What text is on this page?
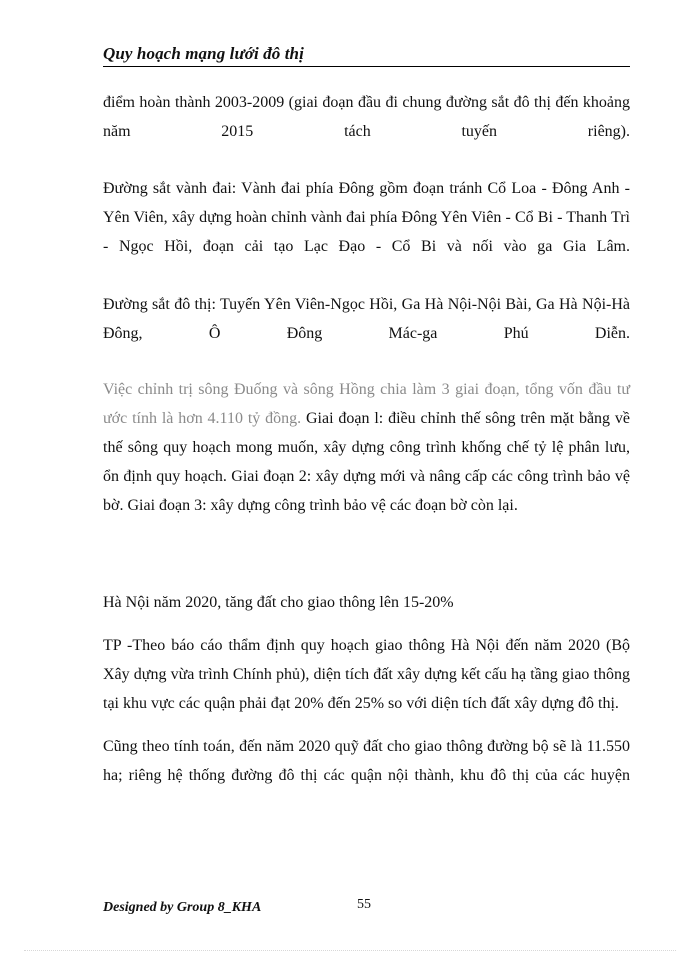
Quy hoạch mạng lưới đô thị

điểm hoàn thành 2003-2009 (giai đoạn đầu đi chung đường sắt đô thị đến khoảng năm 2015 tách tuyến riêng).

Đường sắt vành đai: Vành đai phía Đông gồm đoạn tránh Cổ Loa - Đông Anh - Yên Viên, xây dựng hoàn chỉnh vành đai phía Đông Yên Viên - Cổ Bi - Thanh Trì - Ngọc Hồi, đoạn cải tạo Lạc Đạo - Cổ Bi và nối vào ga Gia Lâm.

Đường sắt đô thị: Tuyến Yên Viên-Ngọc Hồi, Ga Hà Nội-Nội Bài, Ga Hà Nội-Hà Đông, Ô Đông Mác-ga Phú Diễn.

Việc chỉnh trị sông Đuống và sông Hồng chia làm 3 giai đoạn, tổng vốn đầu tư ước tính là hơn 4.110 tỷ đồng. Giai đoạn l: điều chỉnh thế sông trên mặt bằng về thế sông quy hoạch mong muốn, xây dựng công trình khống chế tỷ lệ phân lưu, ổn định quy hoạch. Giai đoạn 2: xây dựng mới và nâng cấp các công trình bảo vệ bờ. Giai đoạn 3: xây dựng công trình bảo vệ các đoạn bờ còn lại.

Hà Nội năm 2020, tăng đất cho giao thông lên 15-20%

TP -Theo báo cáo thẩm định quy hoạch giao thông Hà Nội đến năm 2020 (Bộ Xây dựng vừa trình Chính phủ), diện tích đất xây dựng kết cấu hạ tầng giao thông tại khu vực các quận phải đạt 20% đến 25% so với diện tích đất xây dựng đô thị.

Cũng theo tính toán, đến năm 2020 quỹ đất cho giao thông đường bộ sẽ là 11.550 ha; riêng hệ thống đường đô thị các quận nội thành, khu đô thị của các huyện

Designed by Group 8_KHA	55
